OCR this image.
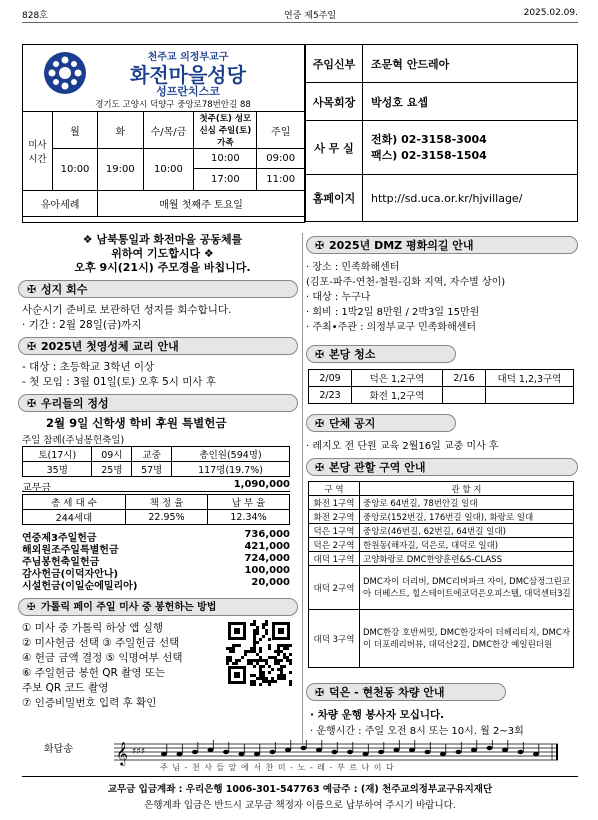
828호	연중 제5주일	2025.02.09.
천주교 의정부교구
화전마을성당
성프란치스코
경기도 고양시 덕양구 중앙로78번안길 88
미사 시간	월	화	수/목/금	첫주(토) 성모 신심 주일(토) 가족	주일
	10:00	19:00	10:00	10:00	09:00
				17:00	11:00
유아세례		매월 첫째주 토요일			
주임신부	조문혁 안드레아
사목회장	박성호 요셉
사 무 실	전화) 02-3158-3004
팩스) 02-3158-1504

홈페이지	http://sd.uca.or.kr/hjvillage/
❖ 남북통일과 화전마을 공동체를
위하여 기도합시다 ❖
오후 9시(21시) 주모경을 바칩니다.
✠ 성지 회수
사순시기 준비로 보관하던 성지를 회수합니다.
· 기간 : 2월 28일(금)까지
✠ 2025년 첫영성체 교리 안내
- 대상 : 초등학교 3학년 이상
- 첫 모임 : 3월 01일(토) 오후 5시 미사 후
✠ 우리들의 정성
2월 9일 신학생 학비 후원 특별헌금
주일 참례(주님봉헌축일)
토(17시)	09시	교중	총인원(594명)
35명	25명	57명	117명(19.7%)
교무금	1,090,000
총 세 대 수	책 정 율	납 부 율
244세대	22.95%	12.34%
연중제3주일헌금	736,000
해외원조주일특별헌금	421,000
주님봉헌축일헌금	724,000
감사헌금(이덕자안나)	100,000
시설헌금(이일순에밀리아)	20,000
✠ 가톨릭 페이 주일 미사 중 봉헌하는 방법
① 미사 중 가톨릭 하상 앱 실행
② 미사헌금 선택 ③ 주일헌금 선택
④ 헌금 금액 결정 ⑤ 익명여부 선택
⑥ 주일헌금 봉헌 QR 촬영 또는
주보 QR 코드 촬영
⑦ 인증비밀번호 입력 후 확인
✠ 2025년 DMZ 평화의길 안내
· 장소 : 민족화해센터
(김포-파주-연천-철원-김화 지역, 자수별 상이)
· 대상 : 누구나
· 회비 : 1박2일 8만원 / 2박3일 15만원
· 주최•주관 : 의정부교구 민족화해센터
✠ 본당 청소
2/09	덕은 1,2구역	2/16	대덕 1,2,3구역
2/23	화전 1,2구역		
✠ 단체 공지
· 레지오 전 단원 교육 2월16일 교중 미사 후
✠ 본당 관할 구역 안내
구 역	관 할 지
화전 1구역	중앙로 64번길, 78번안길 일대
화전 2구역	중앙로(152번길, 176번길 일대), 화랑로 일대
덕은 1구역	중앙로(46번길, 62번길, 64번길 일대)
덕은 2구역	한원동(해자길, 덕은로, 대덕로 일대)
대덕 1구역	고양화랑로 DMC한양훈련&S-CLASS
대덕 2구역	DMC자이 더리버, DMC리버파크 자이, DMC삼정그린코아 더베스트, 힐스테이트에코덕은오피스텔, 대덕센터3길
대덕 3구역	DMC한강 호반써밋, DMC한강자이 더헤리티지, DMC자이 더포레리버뷰, 대덕산2길, DMC한강 예일린더원
✠ 덕은 - 현천동 차량 안내
· 차량 운행 봉사자 모십니다.
· 운행시간 : 주일 오전 8시 또는 10시. 월 2~3회
화답송 𝄞 ♯♯♯
주 님 - 천 사 들 앞 에 서 찬 미 - 노 - 래 - 부 르 나 이 다
교무금 입금계좌 : 우리은행 1006-301-547763 예금주 : (재) 천주교의정부교구유지재단
은행계좌 입금은 반드시 교무금 책정자 이름으로 납부하여 주시기 바랍니다.
